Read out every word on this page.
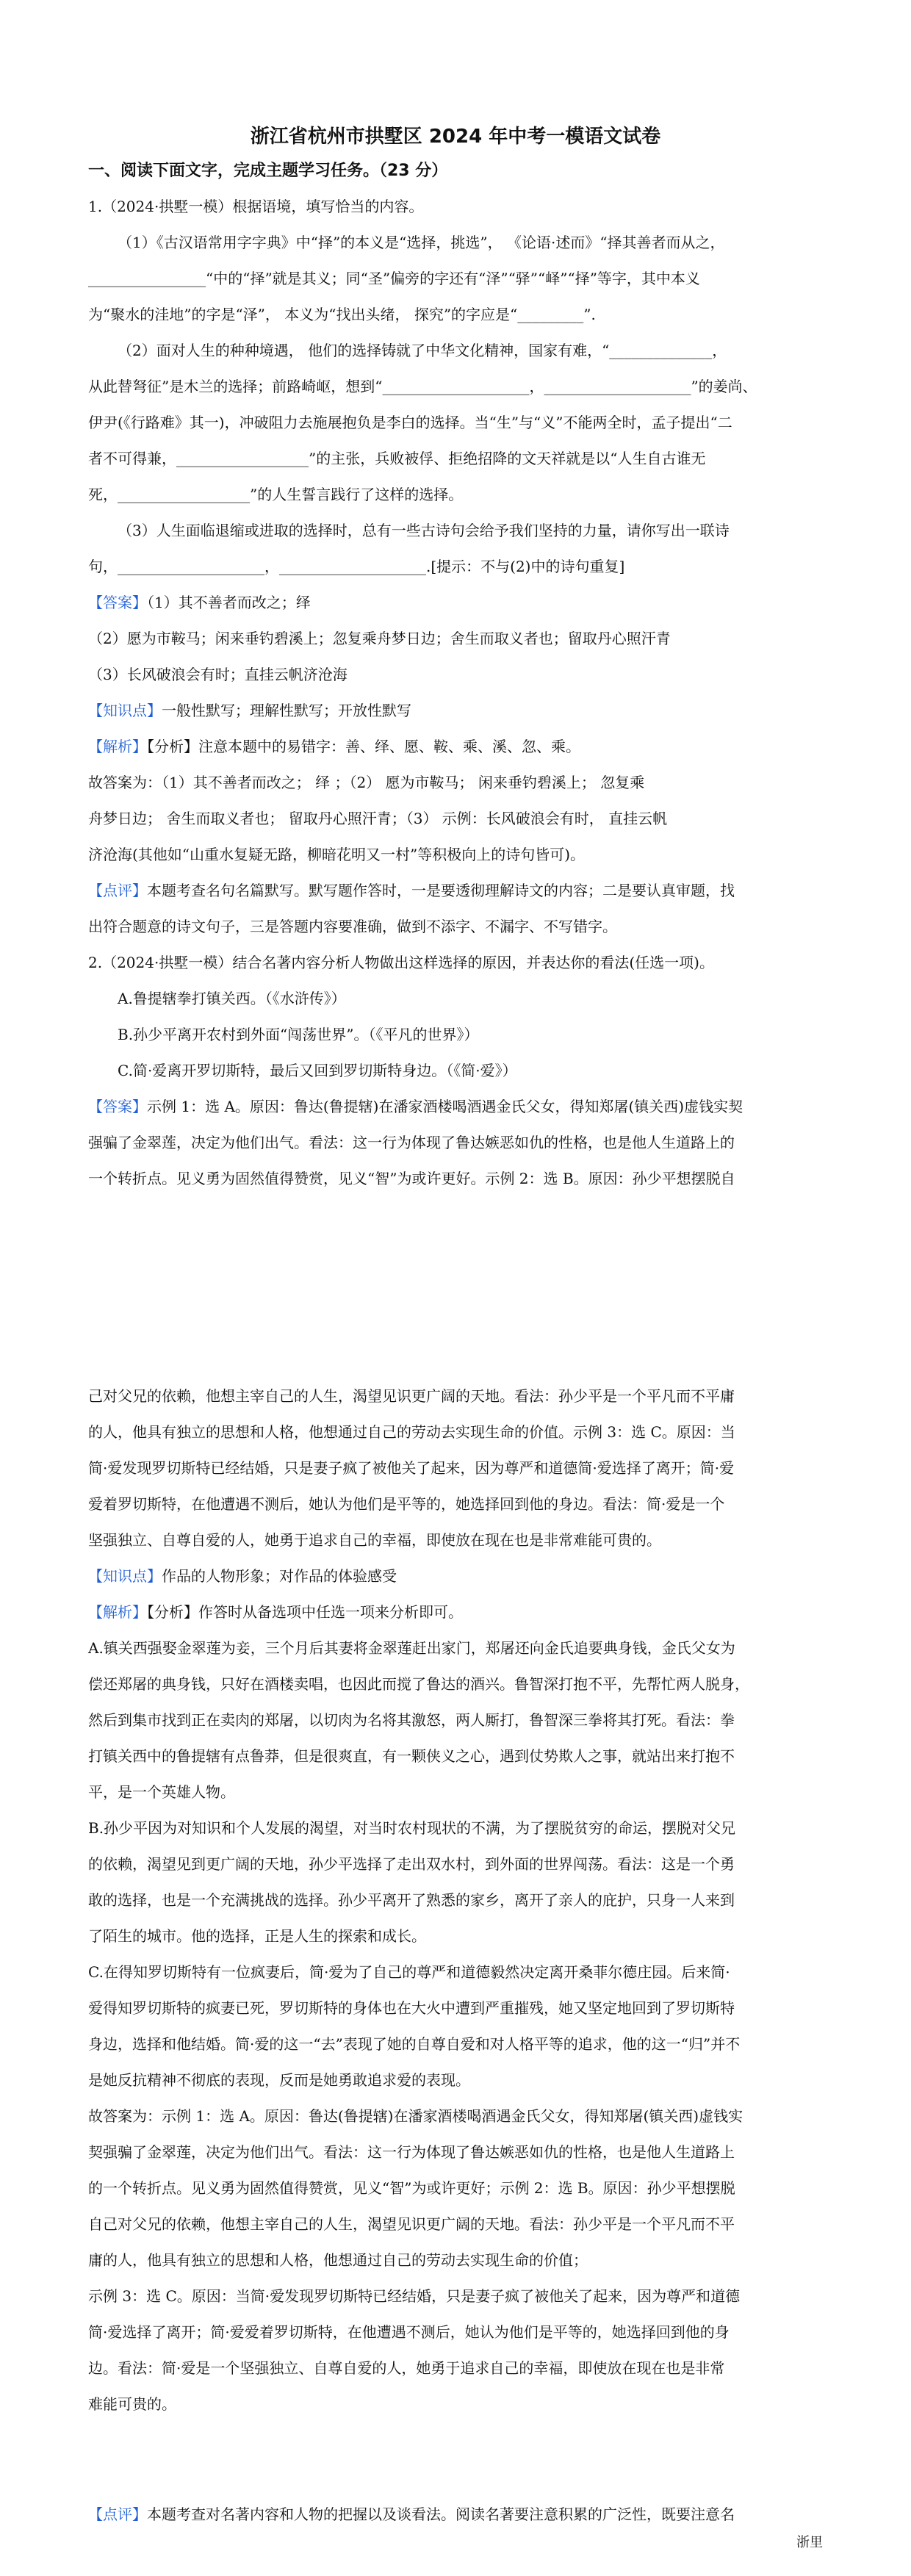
浙江省杭州市拱墅区 2024 年中考一模语文试卷

一、阅读下面文字，完成主题学习任务。（23 分）

1.（2024·拱墅一模）根据语境，填写恰当的内容。

（1）《古汉语常用字字典》中“择”的本义是“选择，挑选”， 《论语·述而》“择其善者而从之，

________________“中的“择”就是其义；同“圣”偏旁的字还有“泽”“驿”“峄”“择”等字，其中本义

为“聚水的洼地”的字是“泽”， 本义为“找出头绪， 探究”的字应是“_________”.

（2）面对人生的种种境遇， 他们的选择铸就了中华文化精神，国家有难，“______________，

从此替弩征”是木兰的选择；前路崎岖，想到“____________________，____________________”的姜尚、

伊尹(《行路难》其一)，冲破阻力去施展抱负是李白的选择。当“生”与“义”不能两全时，孟子提出“二

者不可得兼，__________________”的主张，兵败被俘、拒绝招降的文天祥就是以“人生自古谁无

死，__________________”的人生誓言践行了这样的选择。

（3）人生面临退缩或进取的选择时，总有一些古诗句会给予我们坚持的力量，请你写出一联诗

句，____________________，____________________.[提示：不与(2)中的诗句重复]

【答案】（1）其不善者而改之；绎

（2）愿为市鞍马；闲来垂钓碧溪上；忽复乘舟梦日边；舍生而取义者也；留取丹心照汗青

（3）长风破浪会有时；直挂云帆济沧海

【知识点】一般性默写；理解性默写；开放性默写

【解析】【分析】注意本题中的易错字：善、绎、愿、鞍、乘、溪、忽、乘。

故答案为：（1）其不善者而改之； 绎 ；（2） 愿为市鞍马； 闲来垂钓碧溪上； 忽复乘

舟梦日边； 舍生而取义者也； 留取丹心照汗青；（3） 示例：长风破浪会有时， 直挂云帆

济沧海(其他如“山重水复疑无路，柳暗花明又一村”等积极向上的诗句皆可)。

【点评】本题考查名句名篇默写。默写题作答时，一是要透彻理解诗文的内容；二是要认真审题，找

出符合题意的诗文句子，三是答题内容要准确，做到不添字、不漏字、不写错字。

2.（2024·拱墅一模）结合名著内容分析人物做出这样选择的原因，并表达你的看法(任选一项)。

A.鲁提辖拳打镇关西。（《水浒传》）

B.孙少平离开农村到外面“闯荡世界”。（《平凡的世界》）

C.简·爱离开罗切斯特，最后又回到罗切斯特身边。（《简·爱》）

【答案】示例 1：选 A。原因：鲁达(鲁提辖)在潘家酒楼喝酒遇金氏父女，得知郑屠(镇关西)虚钱实契

强骗了金翠莲，决定为他们出气。看法：这一行为体现了鲁达嫉恶如仇的性格，也是他人生道路上的

一个转折点。见义勇为固然值得赞赏，见义“智”为或许更好。示例 2：选 B。原因：孙少平想摆脱自

己对父兄的依赖，他想主宰自己的人生，渴望见识更广阔的天地。看法：孙少平是一个平凡而不平庸

的人，他具有独立的思想和人格，他想通过自己的劳动去实现生命的价值。示例 3：选 C。原因：当

简·爱发现罗切斯特已经结婚，只是妻子疯了被他关了起来，因为尊严和道德简·爱选择了离开；简·爱

爱着罗切斯特，在他遭遇不测后，她认为他们是平等的，她选择回到他的身边。看法：简·爱是一个

坚强独立、自尊自爱的人，她勇于追求自己的幸福，即使放在现在也是非常难能可贵的。

【知识点】作品的人物形象；对作品的体验感受

【解析】【分析】作答时从备选项中任选一项来分析即可。

A.镇关西强娶金翠莲为妾，三个月后其妻将金翠莲赶出家门，郑屠还向金氏追要典身钱，金氏父女为

偿还郑屠的典身钱，只好在酒楼卖唱，也因此而搅了鲁达的酒兴。鲁智深打抱不平，先帮忙两人脱身，

然后到集市找到正在卖肉的郑屠，以切肉为名将其激怒，两人厮打，鲁智深三拳将其打死。看法：拳

打镇关西中的鲁提辖有点鲁莽，但是很爽直，有一颗侠义之心，遇到仗势欺人之事，就站出来打抱不

平，是一个英雄人物。

B.孙少平因为对知识和个人发展的渴望，对当时农村现状的不满，为了摆脱贫穷的命运，摆脱对父兄

的依赖，渴望见到更广阔的天地，孙少平选择了走出双水村，到外面的世界闯荡。看法：这是一个勇

敢的选择，也是一个充满挑战的选择。孙少平离开了熟悉的家乡，离开了亲人的庇护，只身一人来到

了陌生的城市。他的选择，正是人生的探索和成长。

C.在得知罗切斯特有一位疯妻后，简·爱为了自己的尊严和道德毅然决定离开桑菲尔德庄园。后来简·

爱得知罗切斯特的疯妻已死，罗切斯特的身体也在大火中遭到严重摧残，她又坚定地回到了罗切斯特

身边，选择和他结婚。简·爱的这一“去”表现了她的自尊自爱和对人格平等的追求，他的这一“归”并不

是她反抗精神不彻底的表现，反而是她勇敢追求爱的表现。

故答案为：示例 1：选 A。原因：鲁达(鲁提辖)在潘家酒楼喝酒遇金氏父女，得知郑屠(镇关西)虚钱实

契强骗了金翠莲，决定为他们出气。看法：这一行为体现了鲁达嫉恶如仇的性格，也是他人生道路上

的一个转折点。见义勇为固然值得赞赏，见义“智”为或许更好；示例 2：选 B。原因：孙少平想摆脱

自己对父兄的依赖，他想主宰自己的人生，渴望见识更广阔的天地。看法：孙少平是一个平凡而不平

庸的人，他具有独立的思想和人格，他想通过自己的劳动去实现生命的价值；

示例 3：选 C。原因：当简·爱发现罗切斯特已经结婚，只是妻子疯了被他关了起来，因为尊严和道德

简·爱选择了离开；简·爱爱着罗切斯特，在他遭遇不测后，她认为他们是平等的，她选择回到他的身

边。看法：简·爱是一个坚强独立、自尊自爱的人，她勇于追求自己的幸福，即使放在现在也是非常

难能可贵的。

【点评】本题考查对名著内容和人物的把握以及谈看法。阅读名著要注意积累的广泛性，既要注意名

浙里
